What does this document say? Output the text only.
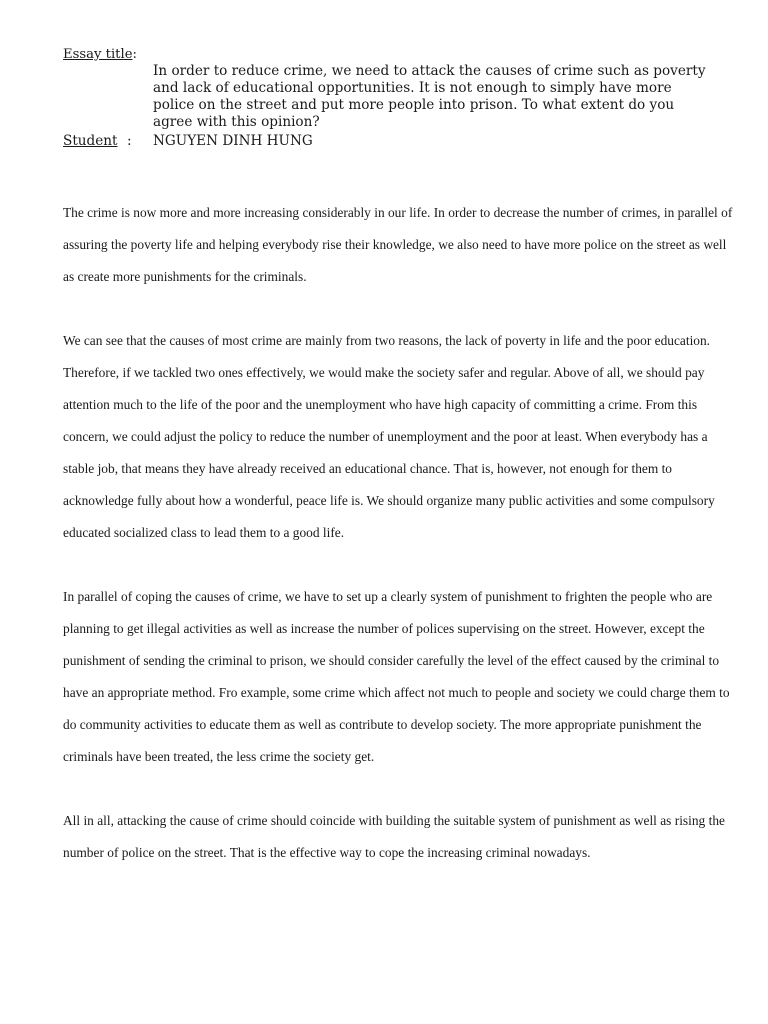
Essay title:
In order to reduce crime, we need to attack the causes of crime such as poverty and lack of educational opportunities. It is not enough to simply have more police on the street and put more people into prison. To what extent do you agree with this opinion?
Student : NGUYEN DINH HUNG

The crime is now more and more increasing considerably in our life. In order to decrease the number of crimes, in parallel of assuring the poverty life and helping everybody rise their knowledge, we also need to have more police on the street as well as create more punishments for the criminals.

We can see that the causes of most crime are mainly from two reasons, the lack of poverty in life and the poor education. Therefore, if we tackled two ones effectively, we would make the society safer and regular. Above of all, we should pay attention much to the life of the poor and the unemployment who have high capacity of committing a crime. From this concern, we could adjust the policy to reduce the number of unemployment and the poor at least. When everybody has a stable job, that means they have already received an educational chance. That is, however, not enough for them to acknowledge fully about how a wonderful, peace life is. We should organize many public activities and some compulsory educated socialized class to lead them to a good life.

In parallel of coping the causes of crime, we have to set up a clearly system of punishment to frighten the people who are planning to get illegal activities as well as increase the number of polices supervising on the street. However, except the punishment of sending the criminal to prison, we should consider carefully the level of the effect caused by the criminal to have an appropriate method. Fro example, some crime which affect not much to people and society we could charge them to do community activities to educate them as well as contribute to develop society. The more appropriate punishment the criminals have been treated, the less crime the society get.

All in all, attacking the cause of crime should coincide with building the suitable system of punishment as well as rising the number of police on the street. That is the effective way to cope the increasing criminal nowadays.
